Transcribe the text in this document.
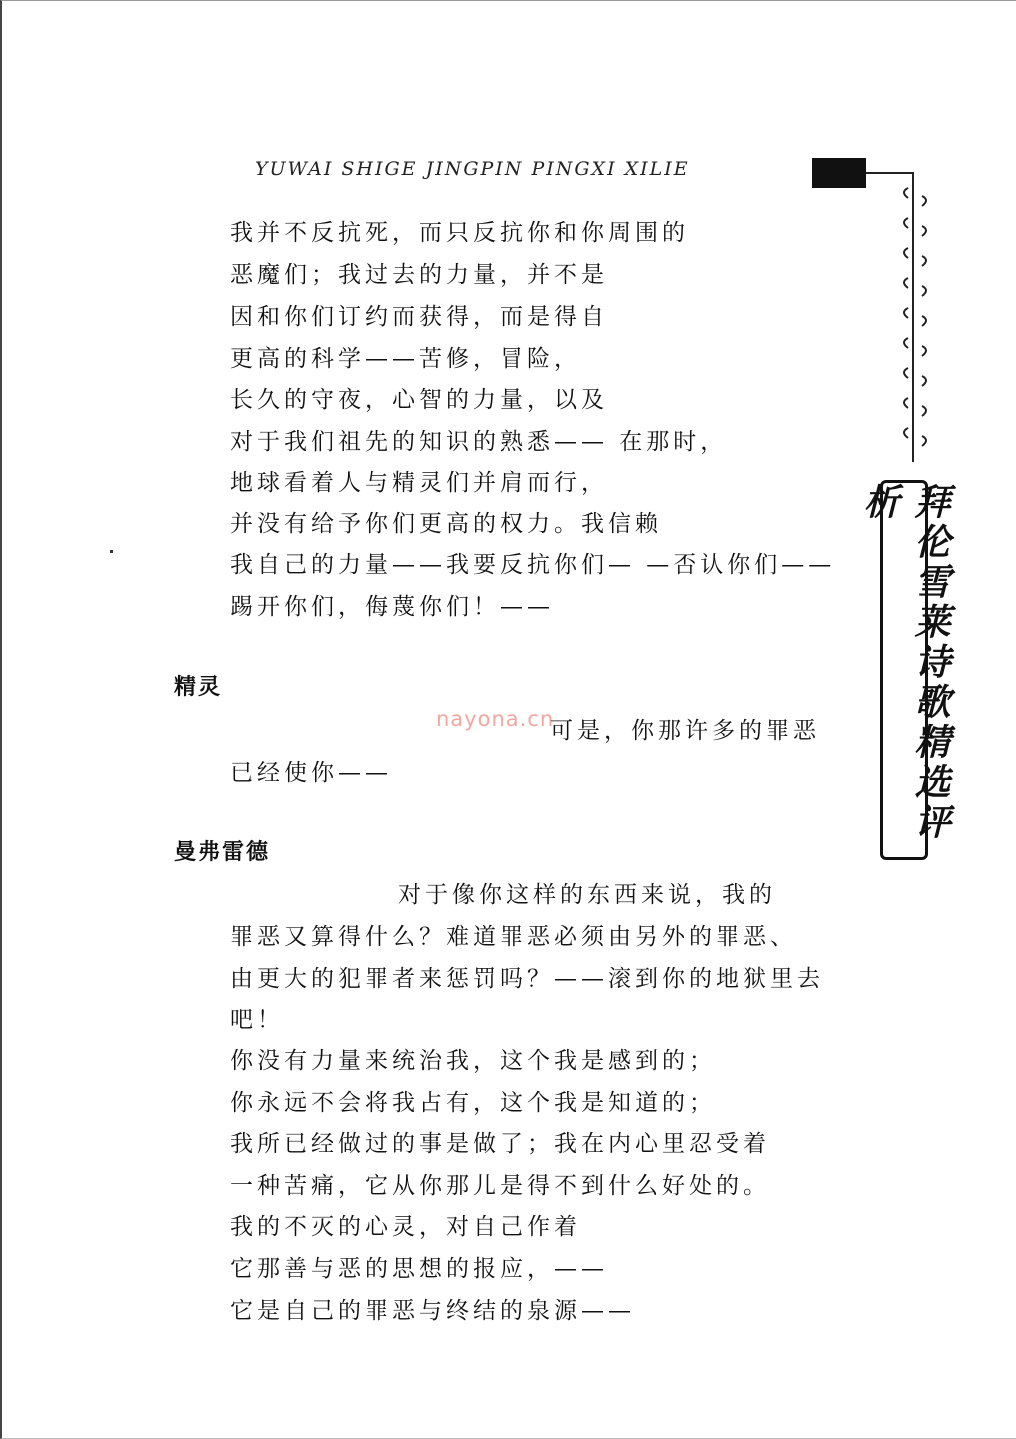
YUWAI SHIGE JINGPIN PINGXI XILIE
拜伦雪莱诗歌精选评析
我并不反抗死，而只反抗你和你周围的
恶魔们；我过去的力量，并不是
因和你们订约而获得，而是得自
更高的科学——苦修，冒险，
长久的守夜，心智的力量，以及
对于我们祖先的知识的熟悉—— 在那时，
地球看着人与精灵们并肩而行，
并没有给予你们更高的权力。我信赖
我自己的力量——我要反抗你们— —否认你们——
踢开你们，侮蔑你们！——
精灵
nayona.cn
可是，你那许多的罪恶
已经使你——
曼弗雷德
对于像你这样的东西来说，我的
罪恶又算得什么？难道罪恶必须由另外的罪恶、
由更大的犯罪者来惩罚吗？——滚到你的地狱里去
吧！
你没有力量来统治我，这个我是感到的；
你永远不会将我占有，这个我是知道的；
我所已经做过的事是做了；我在内心里忍受着
一种苦痛，它从你那儿是得不到什么好处的。
我的不灭的心灵，对自己作着
它那善与恶的思想的报应，——
它是自己的罪恶与终结的泉源——
